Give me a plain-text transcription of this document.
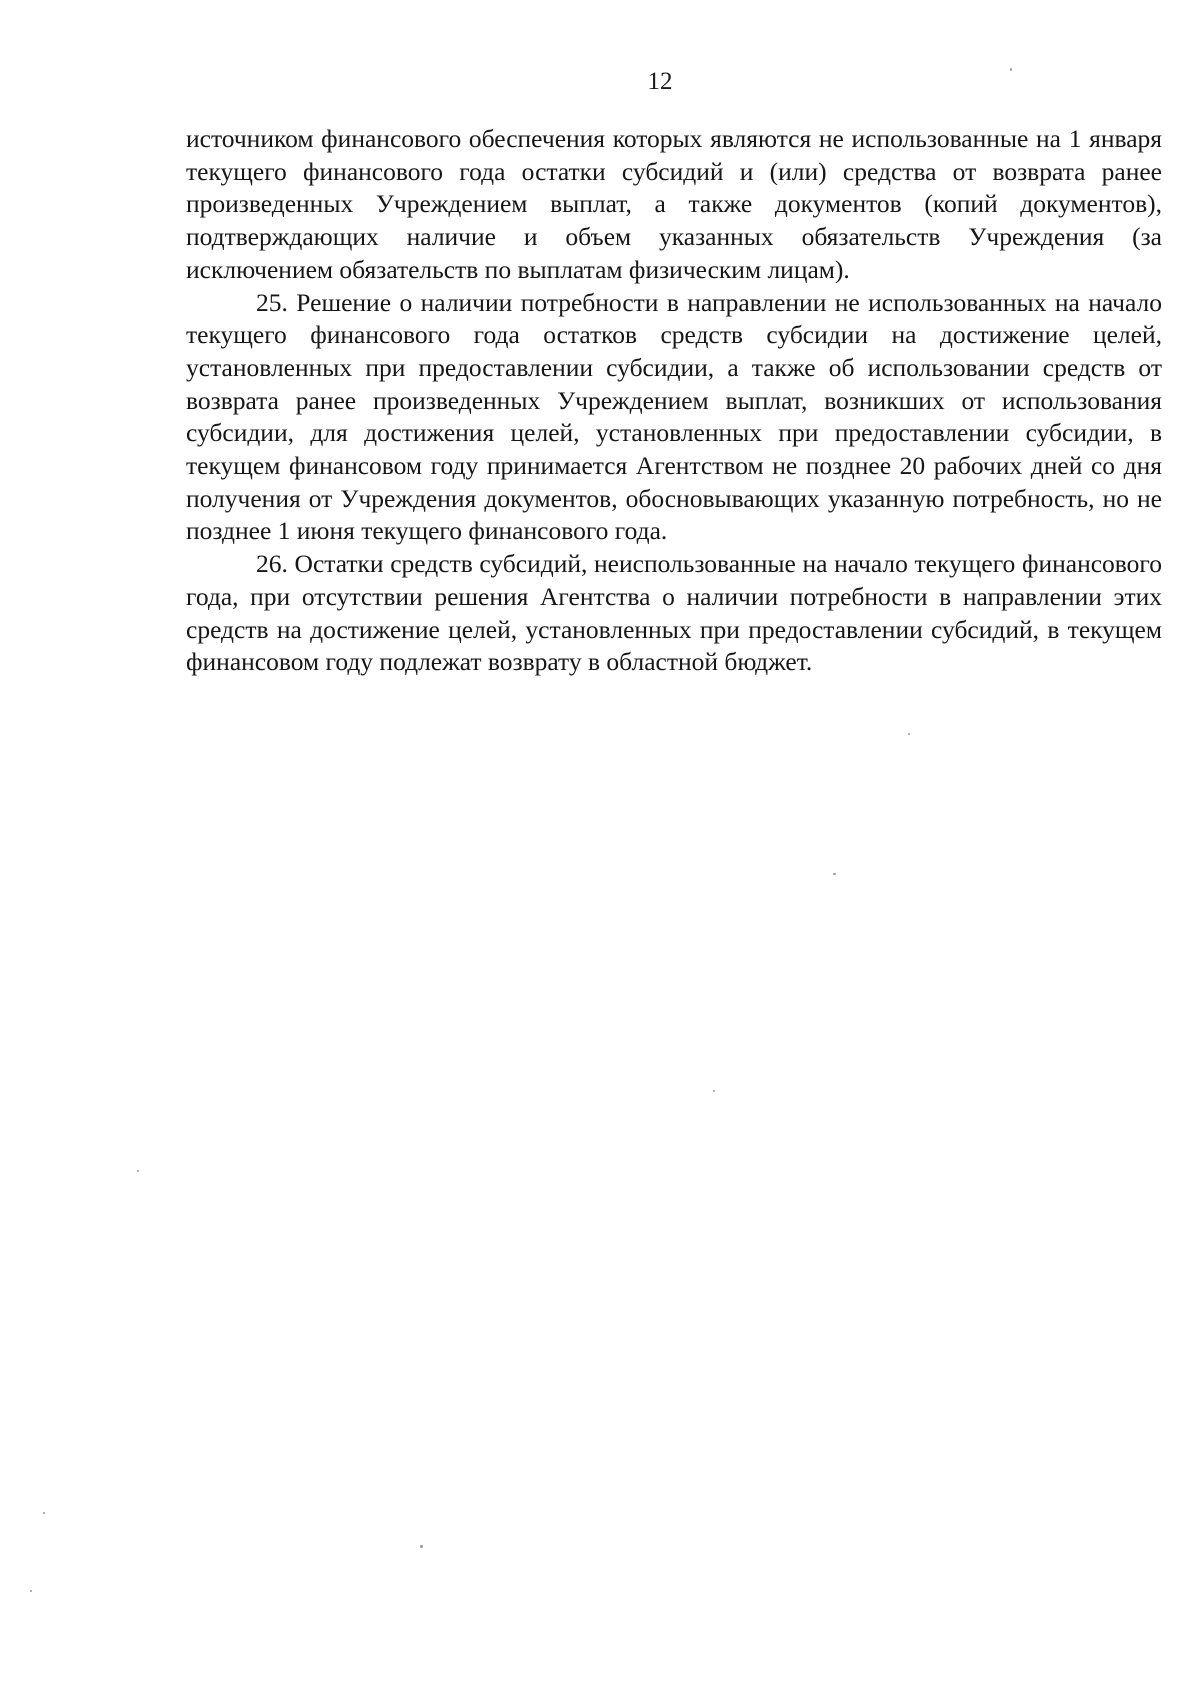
12

источником финансового обеспечения которых являются не использованные на 1 января текущего финансового года остатки субсидий и (или) средства от возврата ранее произведенных Учреждением выплат, а также документов (копий документов), подтверждающих наличие и объем указанных обязательств Учреждения (за исключением обязательств по выплатам физическим лицам).

25. Решение о наличии потребности в направлении не использованных на начало текущего финансового года остатков средств субсидии на достижение целей, установленных при предоставлении субсидии, а также об использовании средств от возврата ранее произведенных Учреждением выплат, возникших от использования субсидии, для достижения целей, установленных при предоставлении субсидии, в текущем финансовом году принимается Агентством не позднее 20 рабочих дней со дня получения от Учреждения документов, обосновывающих указанную потребность, но не позднее 1 июня текущего финансового года.

26. Остатки средств субсидий, неиспользованные на начало текущего финансового года, при отсутствии решения Агентства о наличии потребности в направлении этих средств на достижение целей, установленных при предоставлении субсидий, в текущем финансовом году подлежат возврату в областной бюджет.
